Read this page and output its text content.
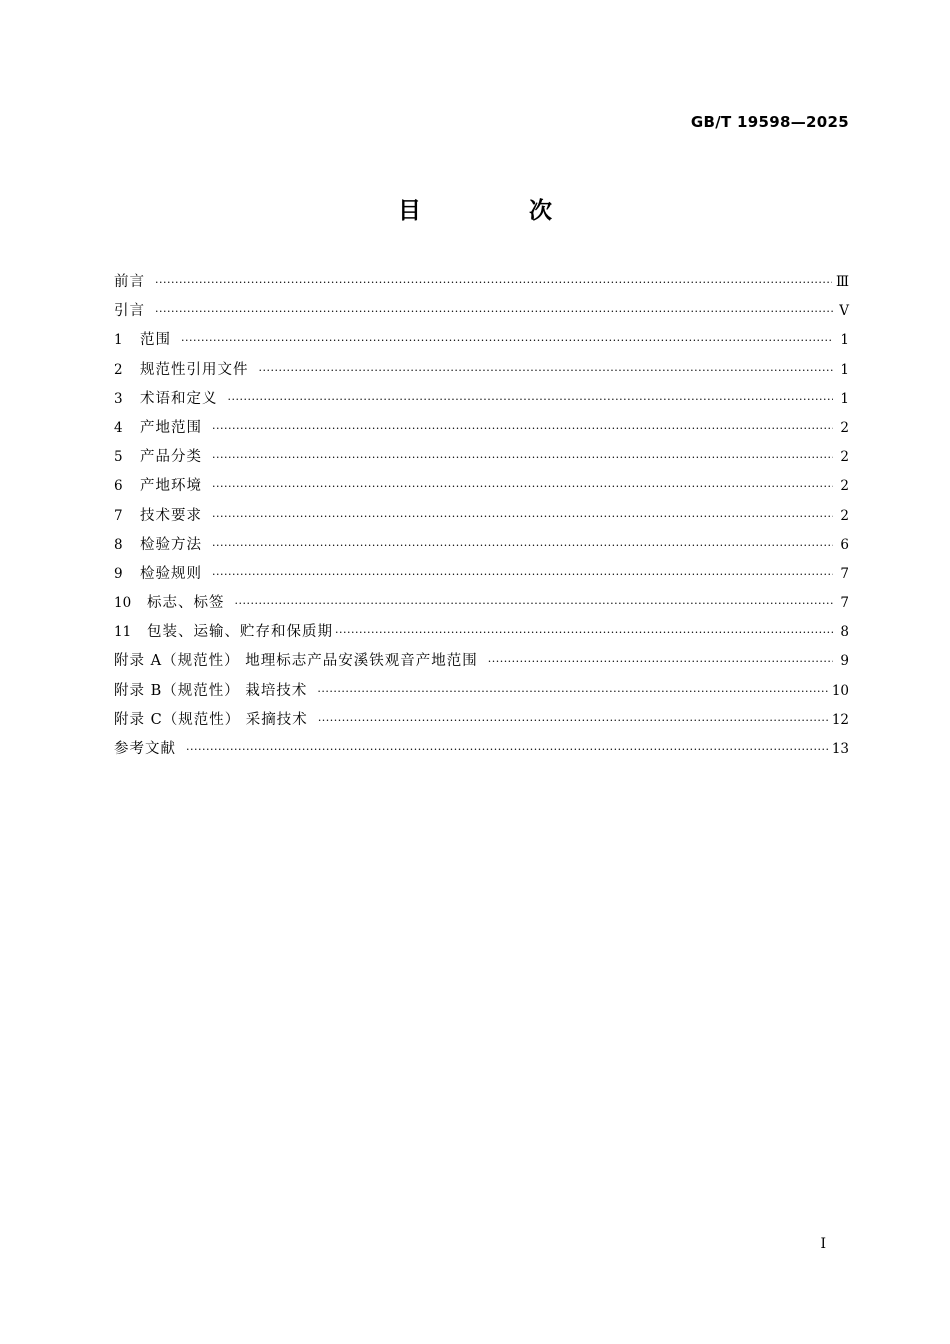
GB/T 19598—2025
目 次
前言 ·····	Ⅲ
引言 ·····	Ⅴ
1	范围 ·····	1
2	规范性引用文件 ·····	1
3	术语和定义 ·····	1
4	产地范围 ·····	2
5	产品分类 ·····	2
6	产地环境 ·····	2
7	技术要求 ·····	2
8	检验方法 ·····	6
9	检验规则 ·····	7
10	标志、标签 ·····	7
11	包装、运输、贮存和保质期 ·····	8
附录 A（规范性） 地理标志产品安溪铁观音产地范围 ·····	9
附录 B（规范性） 栽培技术 ·····	10
附录 C（规范性） 采摘技术 ·····	12
参考文献 ·····	13
Ⅰ
